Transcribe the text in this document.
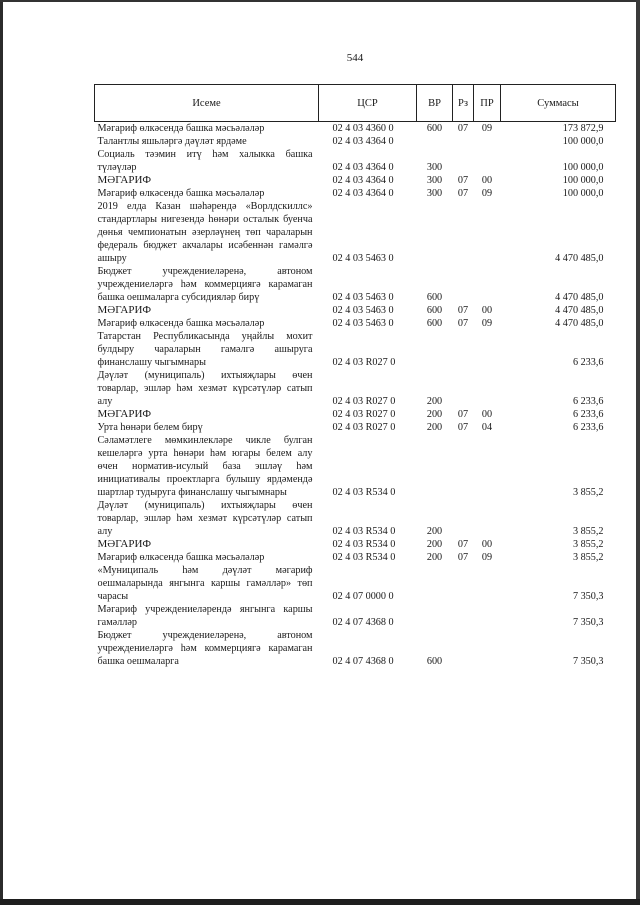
544
Исеме	ЦСР	ВР	Рз	ПР	Суммасы
Мәгариф өлкәсендә башка мәсьәләләр	02 4 03 4360 0	600	07	09	173 872,9
Талантлы яшьләргә дәүләт ярдәме	02 4 03 4364 0				100 000,0
Социаль тәэмин итү һәм халыкка башка түләүләр	02 4 03 4364 0	300			100 000,0
МӘГАРИФ	02 4 03 4364 0	300	07	00	100 000,0
Мәгариф өлкәсендә башка мәсьәләләр	02 4 03 4364 0	300	07	09	100 000,0
2019 елда Казан шәһәрендә «Ворлдскиллс» стандартлары нигезендә һөнәри осталык буенча дөнья чемпионатын әзерләүнең төп чараларын федераль бюджет акчалары исәбеннән гамәлгә ашыру	02 4 03 5463 0				4 470 485,0
Бюджет учреждениеләренә, автоном учреждениеләргә һәм коммерциягә карамаган башка оешмаларга субсидияләр бирү	02 4 03 5463 0	600			4 470 485,0
МӘГАРИФ	02 4 03 5463 0	600	07	00	4 470 485,0
Мәгариф өлкәсендә башка мәсьәләләр	02 4 03 5463 0	600	07	09	4 470 485,0
Татарстан Республикасында уңайлы мохит булдыру чараларын гамәлгә ашыруга финанслашу чыгымнары	02 4 03 R027 0				6 233,6
Дәүләт (муниципаль) ихтыяҗлары өчен товарлар, эшләр һәм хезмәт күрсәтүләр сатып алу	02 4 03 R027 0	200			6 233,6
МӘГАРИФ	02 4 03 R027 0	200	07	00	6 233,6
Урта һөнәри белем бирү	02 4 03 R027 0	200	07	04	6 233,6
Сәламәтлеге мөмкинлекләре чикле булган кешеләргә урта һөнәри һәм югары белем алу өчен норматив-исулый база эшләү һәм инициативалы проектларга булышу ярдәмендә шартлар тудыруга финанслашу чыгымнары	02 4 03 R534 0				3 855,2
Дәүләт (муниципаль) ихтыяҗлары өчен товарлар, эшләр һәм хезмәт күрсәтүләр сатып алу	02 4 03 R534 0	200			3 855,2
МӘГАРИФ	02 4 03 R534 0	200	07	00	3 855,2
Мәгариф өлкәсендә башка мәсьәләләр	02 4 03 R534 0	200	07	09	3 855,2
«Муниципаль һәм дәүләт мәгариф оешмаларында янгынга каршы гамәлләр» төп чарасы	02 4 07 0000 0				7 350,3
Мәгариф учреждениеләрендә янгынга каршы гамәлләр	02 4 07 4368 0				7 350,3
Бюджет учреждениеләренә, автоном учреждениеләргә һәм коммерциягә карамаган башка оешмаларга	02 4 07 4368 0	600			7 350,3
